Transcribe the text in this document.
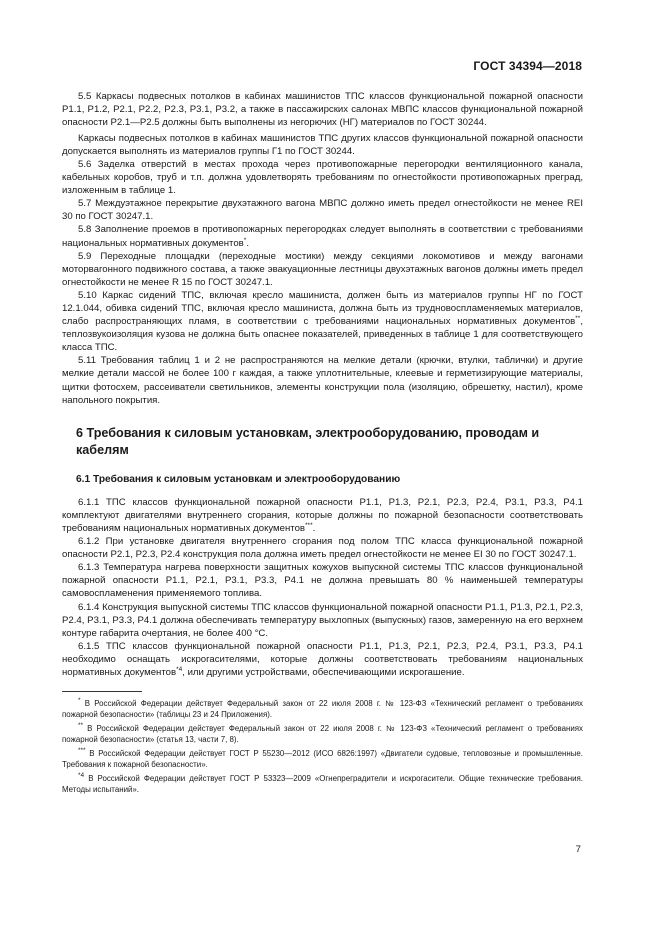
ГОСТ 34394—2018

5.5 Каркасы подвесных потолков в кабинах машинистов ТПС классов функциональной пожарной опасности Р1.1, Р1.2, Р2.1, Р2.2, Р2.3, Р3.1, Р3.2, а также в пассажирских салонах МВПС классов функциональной пожарной опасности Р2.1—Р2.5 должны быть выполнены из негорючих (НГ) материалов по ГОСТ 30244.

Каркасы подвесных потолков в кабинах машинистов ТПС других классов функциональной пожарной опасности допускается выполнять из материалов группы Г1 по ГОСТ 30244.

5.6 Заделка отверстий в местах прохода через противопожарные перегородки вентиляционного канала, кабельных коробов, труб и т.п. должна удовлетворять требованиям по огнестойкости противопожарных преград, изложенным в таблице 1.

5.7 Междуэтажное перекрытие двухэтажного вагона МВПС должно иметь предел огнестойкости не менее REI 30 по ГОСТ 30247.1.

5.8 Заполнение проемов в противопожарных перегородках следует выполнять в соответствии с требованиями национальных нормативных документов*.

5.9 Переходные площадки (переходные мостики) между секциями локомотивов и между вагонами моторвагонного подвижного состава, а также эвакуационные лестницы двухэтажных вагонов должны иметь предел огнестойкости не менее R 15 по ГОСТ 30247.1.

5.10 Каркас сидений ТПС, включая кресло машиниста, должен быть из материалов группы НГ по ГОСТ 12.1.044, обивка сидений ТПС, включая кресло машиниста, должна быть из трудновоспламеняемых материалов, слабо распространяющих пламя, в соответствии с требованиями национальных нормативных документов**, теплозвукоизоляция кузова не должна быть опаснее показателей, приведенных в таблице 1 для соответствующего класса ТПС.

5.11 Требования таблиц 1 и 2 не распространяются на мелкие детали (крючки, втулки, таблички) и другие мелкие детали массой не более 100 г каждая, а также уплотнительные, клеевые и герметизирующие материалы, щитки фотосхем, рассеиватели светильников, элементы конструкции пола (изоляцию, обрешетку, настил), кроме напольного покрытия.

6 Требования к силовым установкам, электрооборудованию, проводам и кабелям
6.1 Требования к силовым установкам и электрооборудованию

6.1.1 ТПС классов функциональной пожарной опасности Р1.1, Р1.3, Р2.1, Р2.3, Р2.4, Р3.1, Р3.3, Р4.1 комплектуют двигателями внутреннего сгорания, которые должны по пожарной безопасности соответствовать требованиям национальных нормативных документов***.

6.1.2 При установке двигателя внутреннего сгорания под полом ТПС класса функциональной пожарной опасности Р2.1, Р2.3, Р2.4 конструкция пола должна иметь предел огнестойкости не менее EI 30 по ГОСТ 30247.1.

6.1.3 Температура нагрева поверхности защитных кожухов выпускной системы ТПС классов функциональной пожарной опасности Р1.1, Р2.1, Р3.1, Р3.3, Р4.1 не должна превышать 80 % наименьшей температуры самовоспламенения применяемого топлива.

6.1.4 Конструкция выпускной системы ТПС классов функциональной пожарной опасности Р1.1, Р1.3, Р2.1, Р2.3, Р2.4, Р3.1, Р3.3, Р4.1 должна обеспечивать температуру выхлопных (выпускных) газов, замеренную на его верхнем контуре габарита очертания, не более 400 °С.

6.1.5 ТПС классов функциональной пожарной опасности Р1.1, Р1.3, Р2.1, Р2.3, Р2.4, Р3.1, Р3.3, Р4.1 необходимо оснащать искрогасителями, которые должны соответствовать требованиям национальных нормативных документов$^{*4}$, или другими устройствами, обеспечивающими искрогашение.

* В Российской Федерации действует Федеральный закон от 22 июля 2008 г. № 123-ФЗ «Технический регламент о требованиях пожарной безопасности» (таблицы 23 и 24 Приложения).

** В Российской Федерации действует Федеральный закон от 22 июля 2008 г. № 123-ФЗ «Технический регламент о требованиях пожарной безопасности» (статья 13, части 7, 8).

*** В Российской Федерации действует ГОСТ Р 55230—2012 (ИСО 6826:1997) «Двигатели судовые, тепловозные и промышленные. Требования к пожарной безопасности».

$^{*4}$ В Российской Федерации действует ГОСТ Р 53323—2009 «Огнепреградители и искрогасители. Общие технические требования. Методы испытаний».

7
